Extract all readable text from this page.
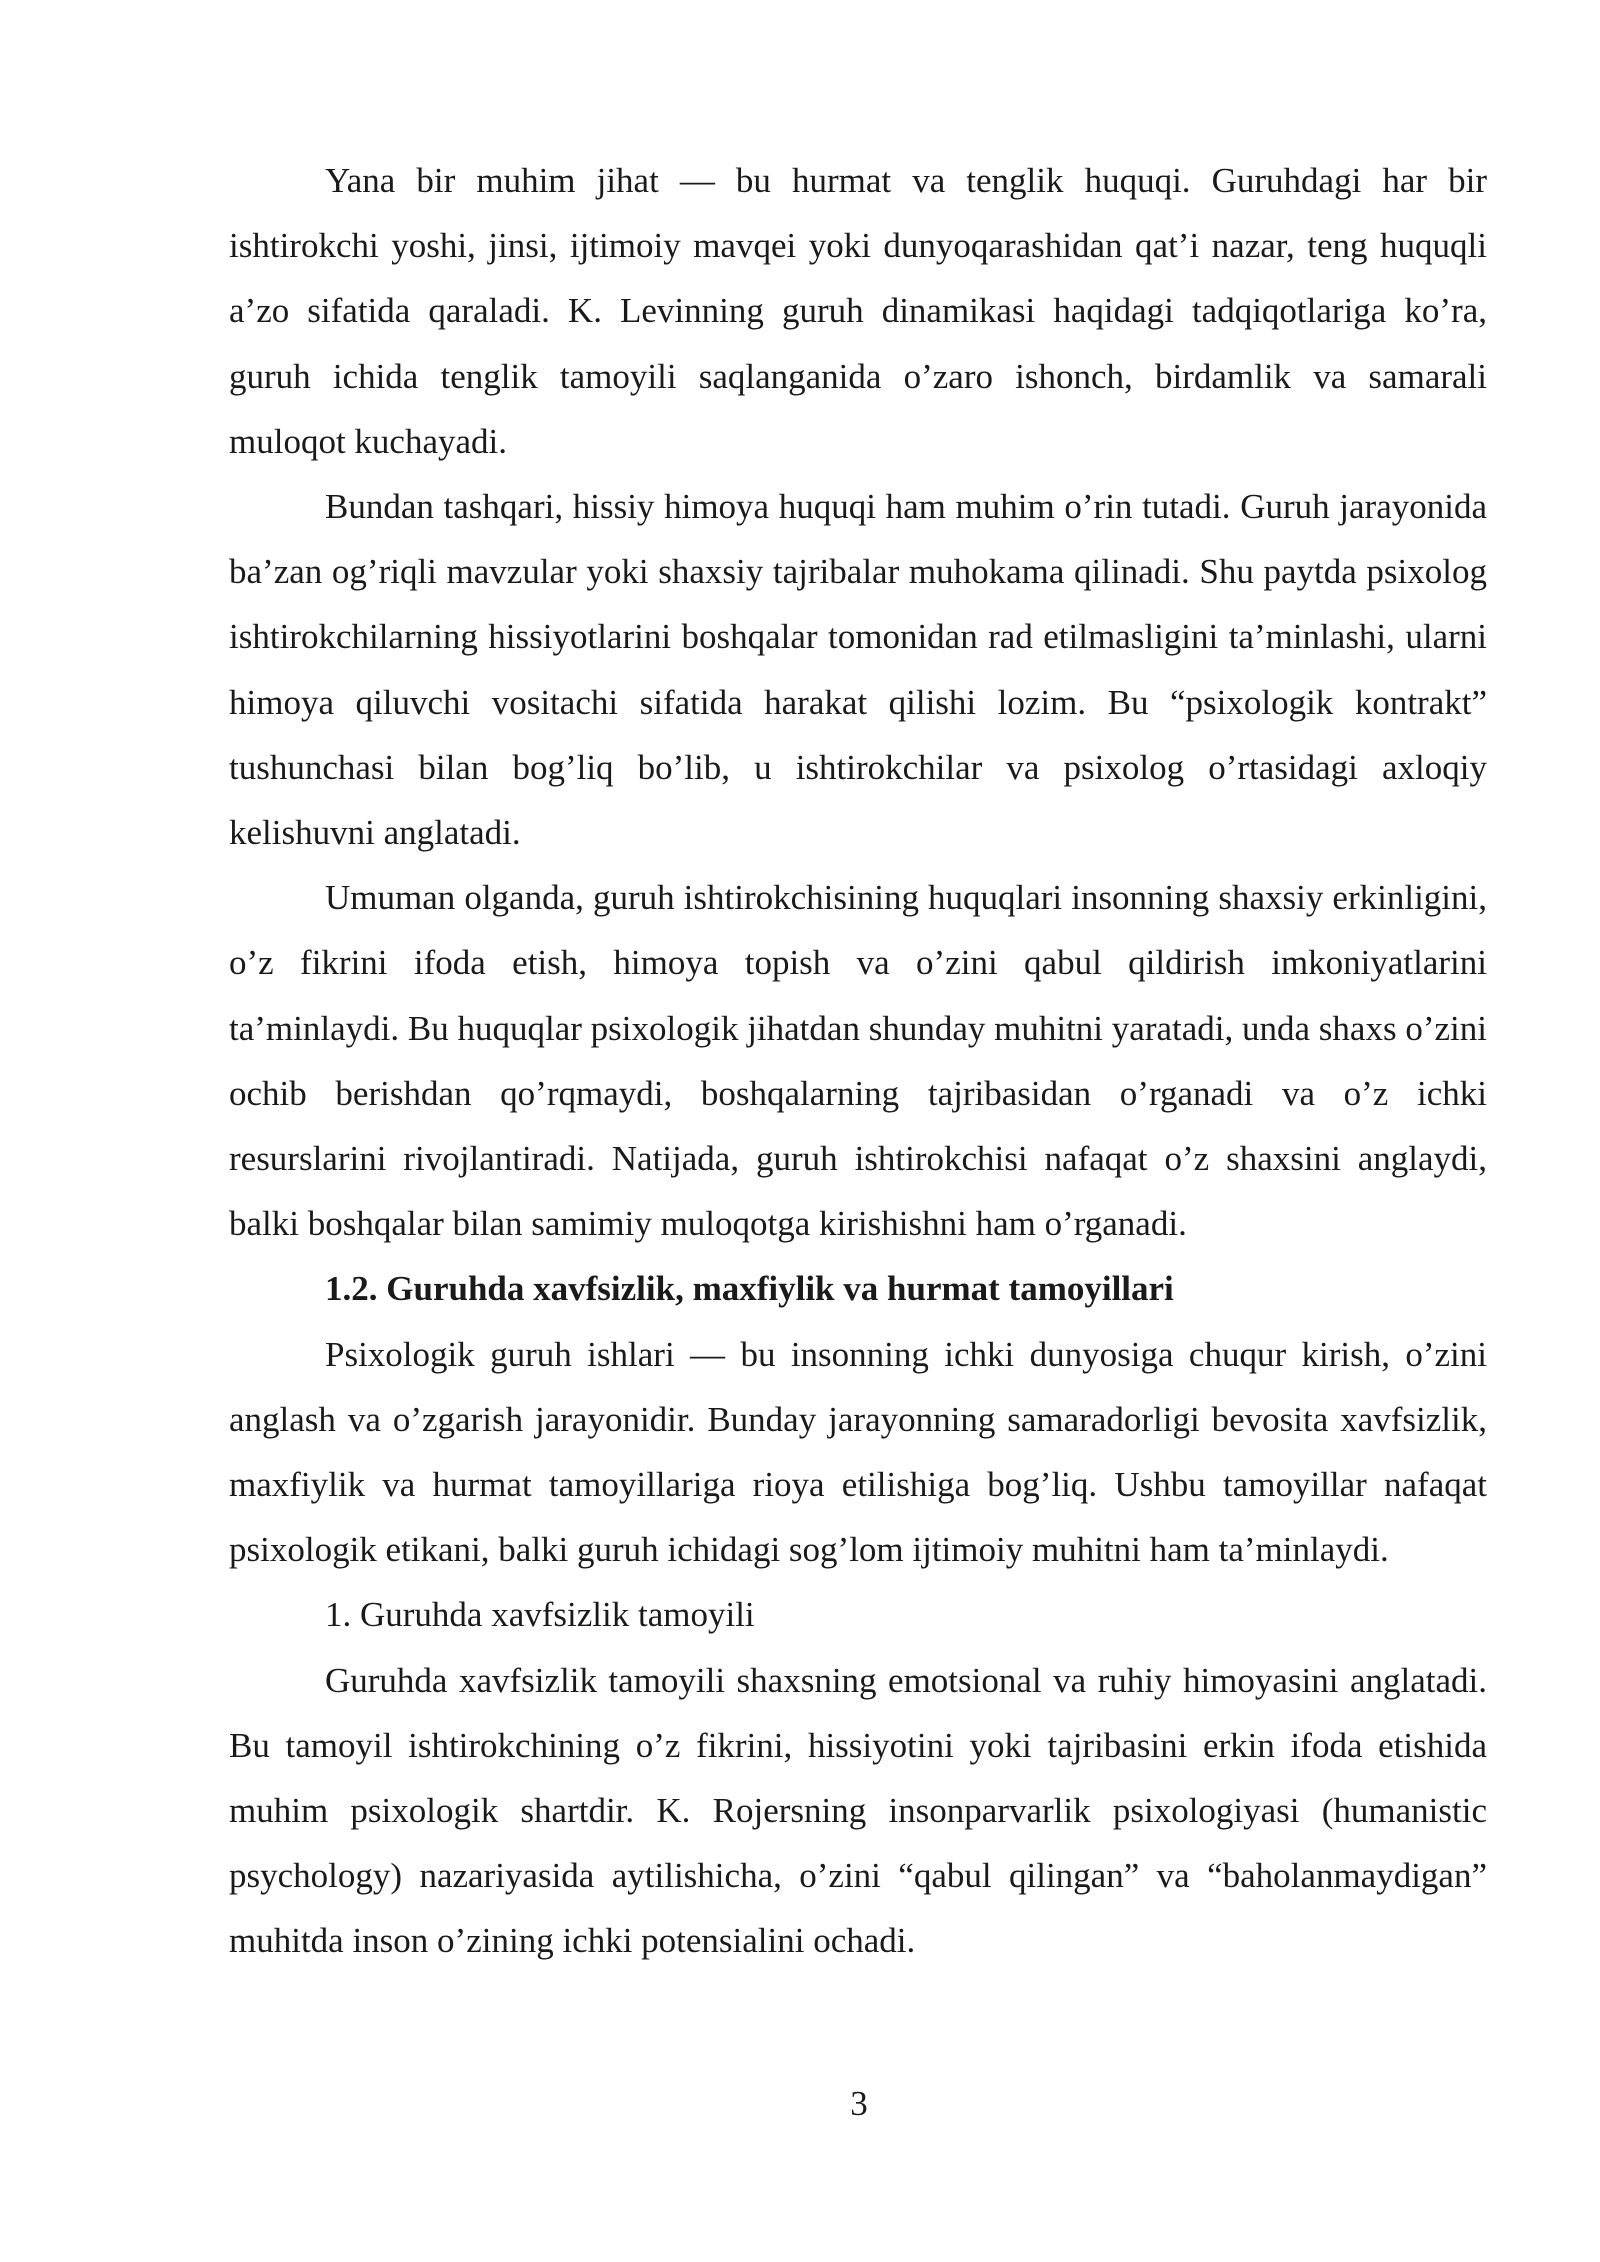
Yana bir muhim jihat — bu hurmat va tenglik huquqi. Guruhdagi har bir ishtirokchi yoshi, jinsi, ijtimoiy mavqei yoki dunyoqarashidan qat’i nazar, teng huquqli a’zo sifatida qaraladi. K. Levinning guruh dinamikasi haqidagi tadqiqotlariga ko’ra, guruh ichida tenglik tamoyili saqlanganida o’zaro ishonch, birdamlik va samarali muloqot kuchayadi.

Bundan tashqari, hissiy himoya huquqi ham muhim o’rin tutadi. Guruh jarayonida ba’zan og’riqli mavzular yoki shaxsiy tajribalar muhokama qilinadi. Shu paytda psixolog ishtirokchilarning hissiyotlarini boshqalar tomonidan rad etilmasligini ta’minlashi, ularni himoya qiluvchi vositachi sifatida harakat qilishi lozim. Bu “psixologik kontrakt” tushunchasi bilan bog’liq bo’lib, u ishtirokchilar va psixolog o’rtasidagi axloqiy kelishuvni anglatadi.

Umuman olganda, guruh ishtirokchisining huquqlari insonning shaxsiy erkinligini, o’z fikrini ifoda etish, himoya topish va o’zini qabul qildirish imkoniyatlarini ta’minlaydi. Bu huquqlar psixologik jihatdan shunday muhitni yaratadi, unda shaxs o’zini ochib berishdan qo’rqmaydi, boshqalarning tajribasidan o’rganadi va o’z ichki resurslarini rivojlantiradi. Natijada, guruh ishtirokchisi nafaqat o’z shaxsini anglaydi, balki boshqalar bilan samimiy muloqotga kirishishni ham o’rganadi.

1.2. Guruhda xavfsizlik, maxfiylik va hurmat tamoyillari

Psixologik guruh ishlari — bu insonning ichki dunyosiga chuqur kirish, o’zini anglash va o’zgarish jarayonidir. Bunday jarayonning samaradorligi bevosita xavfsizlik, maxfiylik va hurmat tamoyillariga rioya etilishiga bog’liq. Ushbu tamoyillar nafaqat psixologik etikani, balki guruh ichidagi sog’lom ijtimoiy muhitni ham ta’minlaydi.

1. Guruhda xavfsizlik tamoyili

Guruhda xavfsizlik tamoyili shaxsning emotsional va ruhiy himoyasini anglatadi. Bu tamoyil ishtirokchining o’z fikrini, hissiyotini yoki tajribasini erkin ifoda etishida muhim psixologik shartdir. K. Rojersning insonparvarlik psixologiyasi (humanistic psychology) nazariyasida aytilishicha, o’zini “qabul qilingan” va “baholanmaydigan” muhitda inson o’zining ichki potensialini ochadi.

3
